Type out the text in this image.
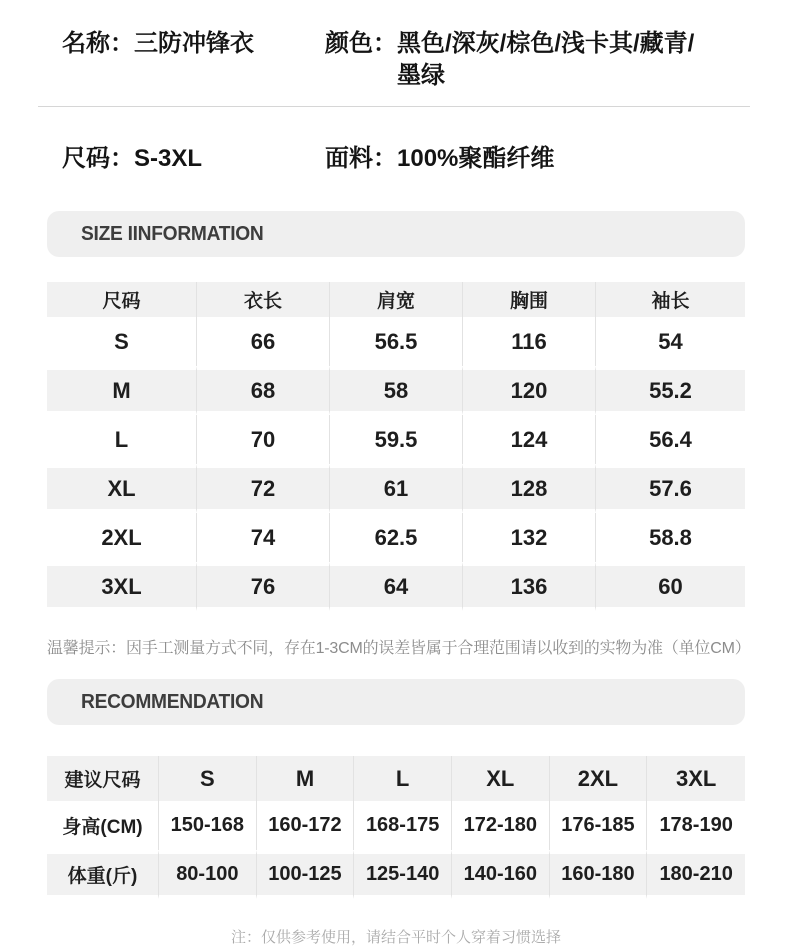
名称： 三防冲锋衣	颜色： 黑色/深灰/棕色/浅卡其/藏青/
墨绿
尺码： S-3XL	面料： 100%聚酯纤维
SIZE IINFORMATION
尺码	衣长	肩宽	胸围	袖长
S	66	56.5	116	54
M	68	58	120	55.2
L	70	59.5	124	56.4
XL	72	61	128	57.6
2XL	74	62.5	132	58.8
3XL	76	64	136	60
温馨提示：因手工测量方式不同，存在1-3CM的误差皆属于合理范围请以收到的实物为准（单位CM）
RECOMMENDATION
建议尺码	S	M	L	XL	2XL	3XL
身高(CM)	150-168	160-172	168-175	172-180	176-185	178-190
体重(斤)	80-100	100-125	125-140	140-160	160-180	180-210
注：仅供参考使用，请结合平时个人穿着习惯选择
